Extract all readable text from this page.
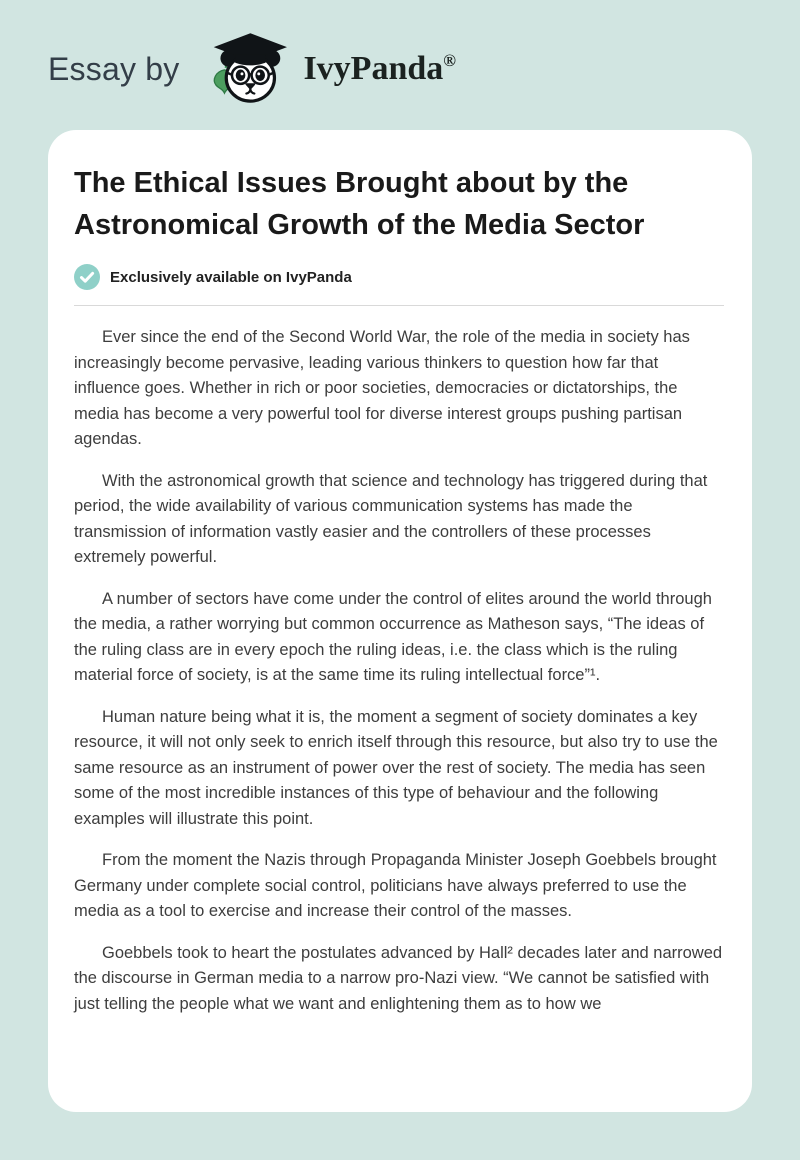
Essay by	IvyPanda®
The Ethical Issues Brought about by the Astronomical Growth of the Media Sector
Exclusively available on IvyPanda

Ever since the end of the Second World War, the role of the media in society has increasingly become pervasive, leading various thinkers to question how far that influence goes. Whether in rich or poor societies, democracies or dictatorships, the media has become a very powerful tool for diverse interest groups pushing partisan agendas.

With the astronomical growth that science and technology has triggered during that period, the wide availability of various communication systems has made the transmission of information vastly easier and the controllers of these processes extremely powerful.

A number of sectors have come under the control of elites around the world through the media, a rather worrying but common occurrence as Matheson says, “The ideas of the ruling class are in every epoch the ruling ideas, i.e. the class which is the ruling material force of society, is at the same time its ruling intellectual force”¹.

Human nature being what it is, the moment a segment of society dominates a key resource, it will not only seek to enrich itself through this resource, but also try to use the same resource as an instrument of power over the rest of society. The media has seen some of the most incredible instances of this type of behaviour and the following examples will illustrate this point.

From the moment the Nazis through Propaganda Minister Joseph Goebbels brought Germany under complete social control, politicians have always preferred to use the media as a tool to exercise and increase their control of the masses.

Goebbels took to heart the postulates advanced by Hall² decades later and narrowed the discourse in German media to a narrow pro-Nazi view. “We cannot be satisfied with just telling the people what we want and enlightening them as to how we
